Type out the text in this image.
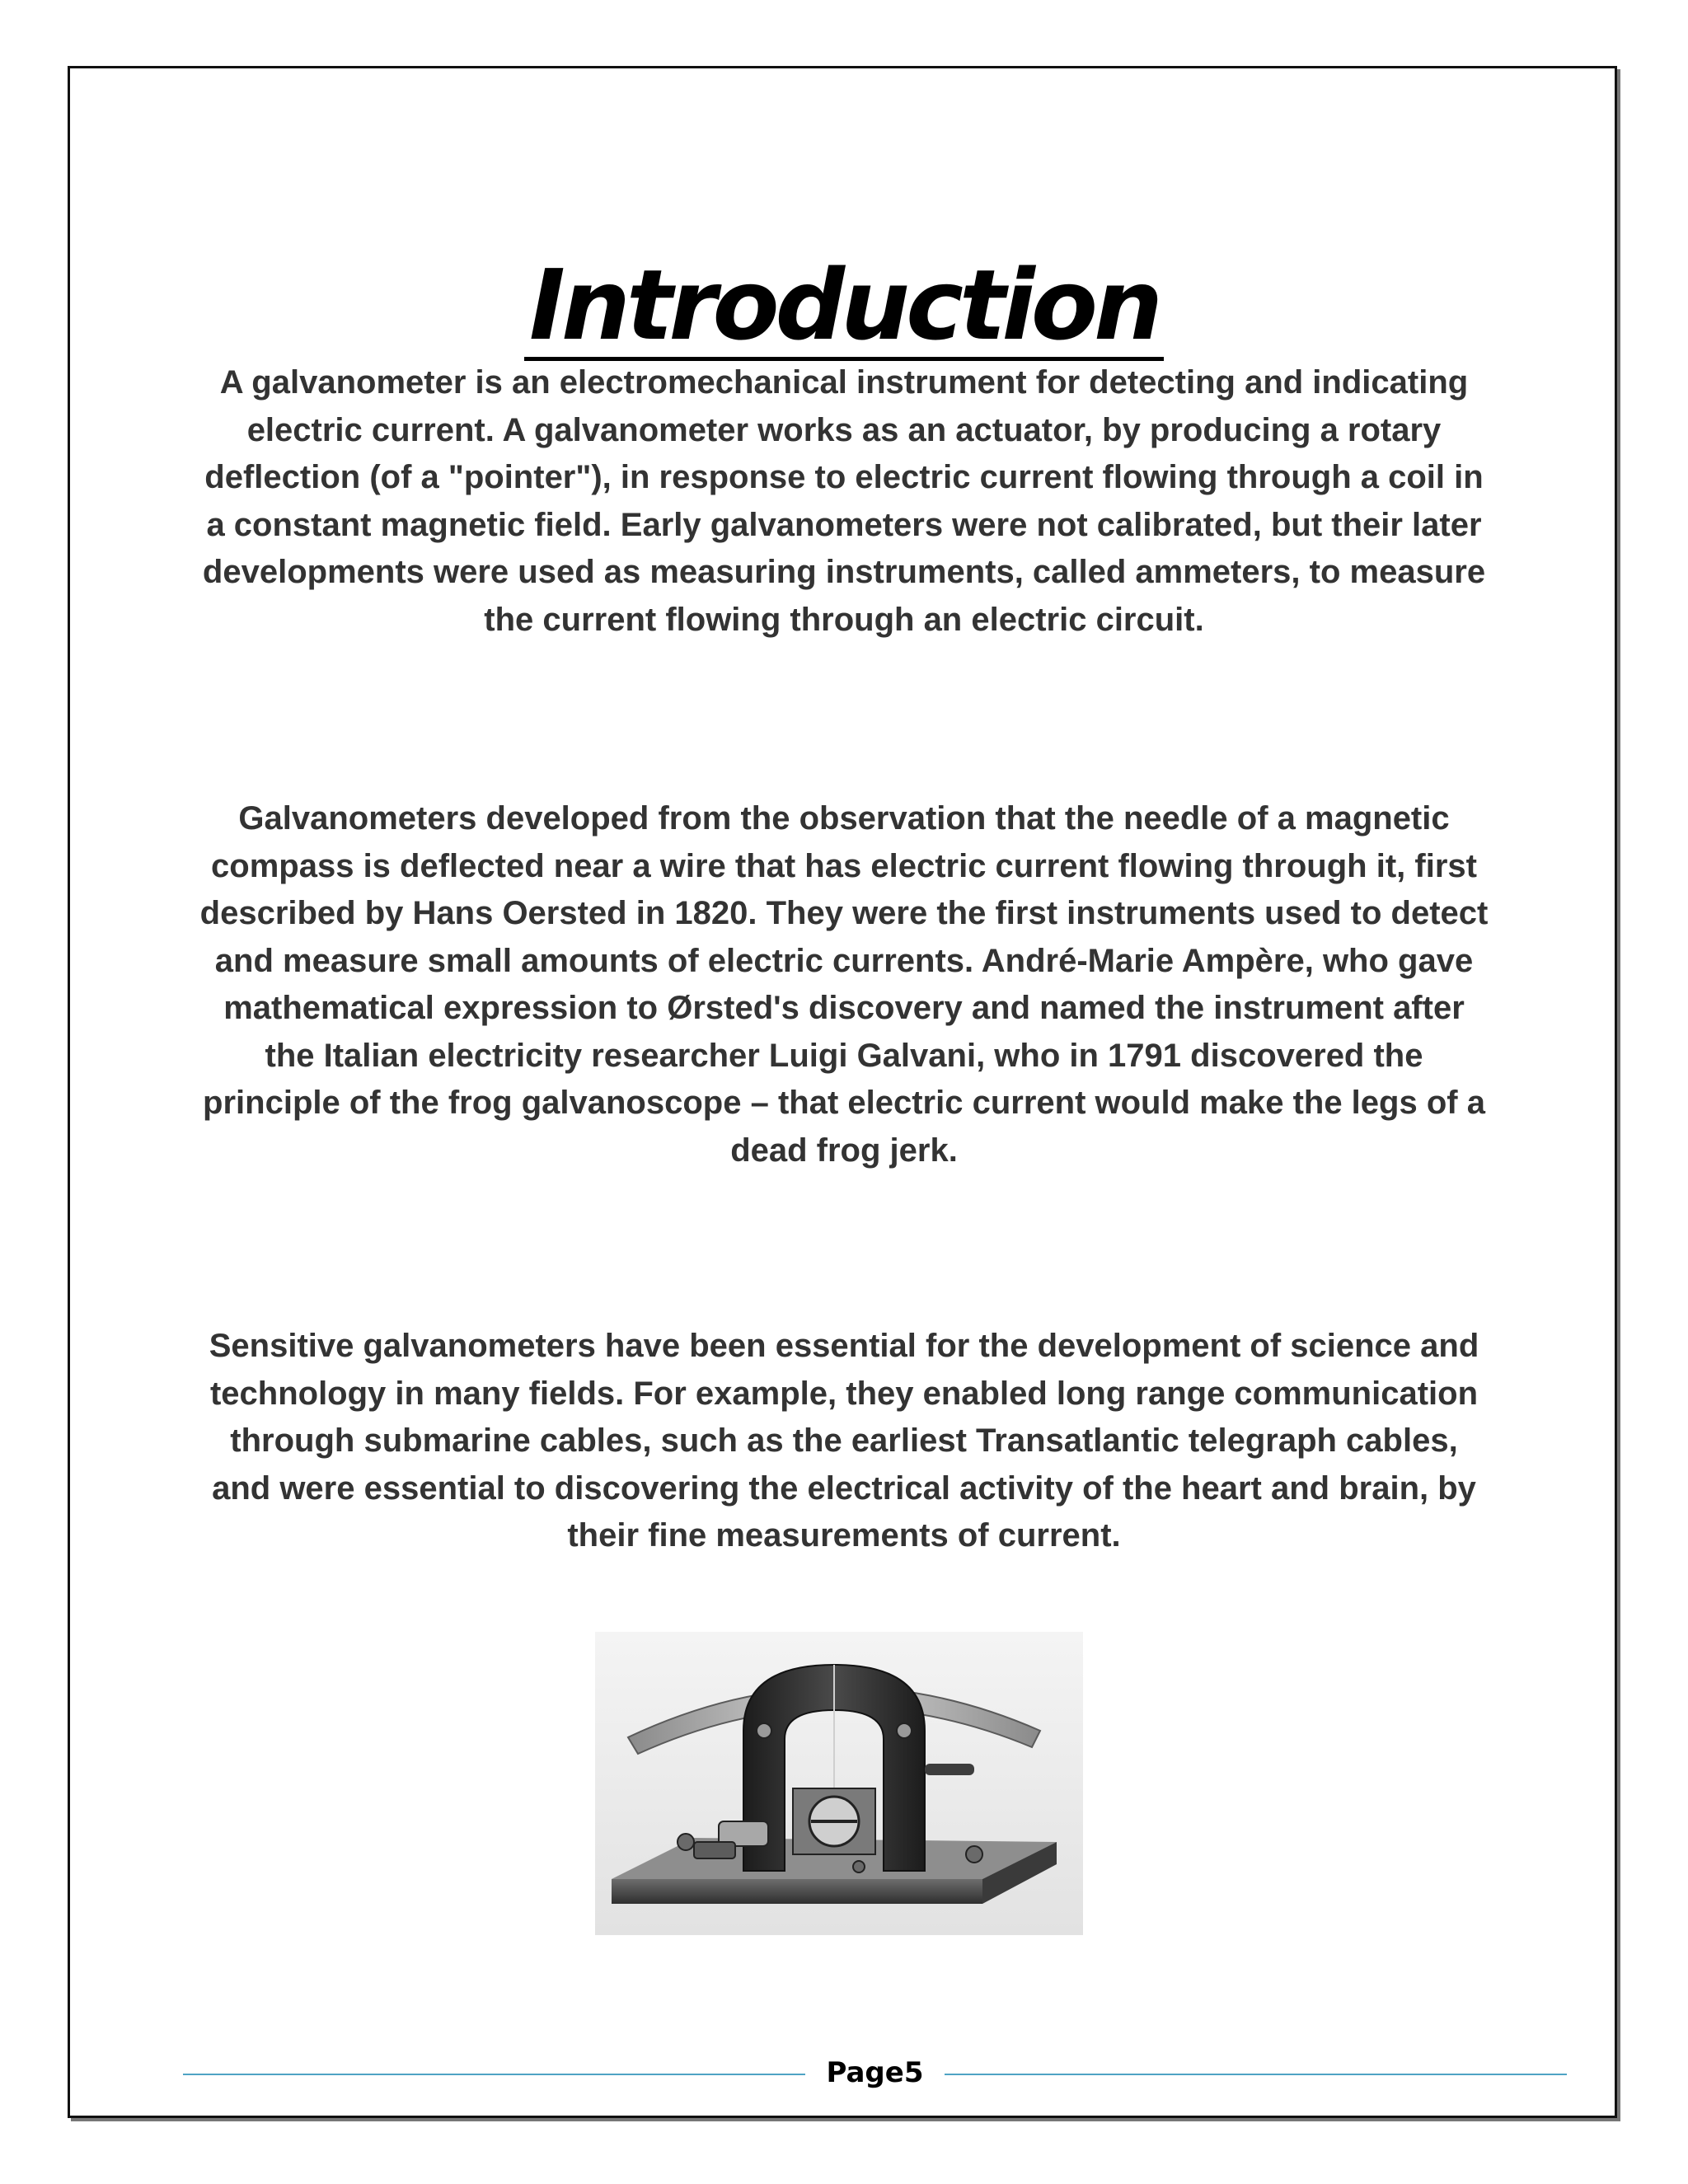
Introduction

A galvanometer is an electromechanical instrument for detecting and indicating electric current. A galvanometer works as an actuator, by producing a rotary deflection (of a "pointer"), in response to electric current flowing through a coil in a constant magnetic field. Early galvanometers were not calibrated, but their later developments were used as measuring instruments, called ammeters, to measure the current flowing through an electric circuit.

Galvanometers developed from the observation that the needle of a magnetic compass is deflected near a wire that has electric current flowing through it, first described by Hans Oersted in 1820. They were the first instruments used to detect and measure small amounts of electric currents. André-Marie Ampère, who gave mathematical expression to Ørsted's discovery and named the instrument after the Italian electricity researcher Luigi Galvani, who in 1791 discovered the principle of the frog galvanoscope – that electric current would make the legs of a dead frog jerk.

Sensitive galvanometers have been essential for the development of science and technology in many fields. For example, they enabled long range communication through submarine cables, such as the earliest Transatlantic telegraph cables, and were essential to discovering the electrical activity of the heart and brain, by their fine measurements of current.

Page5
